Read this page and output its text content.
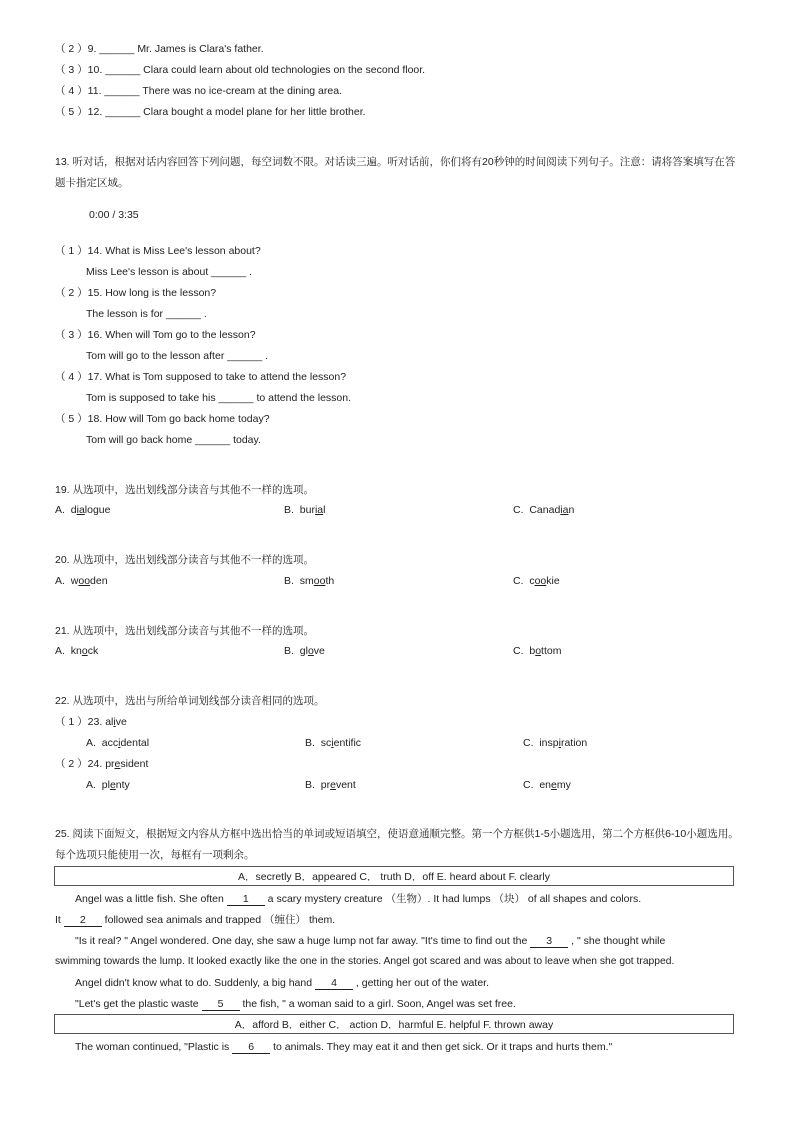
（ 2 ）9. ______ Mr. James is Clara's father.
（ 3 ）10. ______ Clara could learn about old technologies on the second floor.
（ 4 ）11. ______ There was no ice-cream at the dining area.
（ 5 ）12. ______ Clara bought a model plane for her little brother.
13. 听对话，根据对话内容回答下列问题，每空词数不限。对话读三遍。听对话前，你们将有20秒钟的时间阅读下列句子。注意：请将答案填写在答
题卡指定区域。
0:00 / 3:35
（ 1 ）14. What is Miss Lee's lesson about?
Miss Lee's lesson is about ______ .
（ 2 ）15. How long is the lesson?
The lesson is for ______ .
（ 3 ）16. When will Tom go to the lesson?
Tom will go to the lesson after ______ .
（ 4 ）17. What is Tom supposed to take to attend the lesson?
Tom is supposed to take his ______ to attend the lesson.
（ 5 ）18. How will Tom go back home today?
Tom will go back home ______ today.
19. 从选项中，选出划线部分读音与其他不一样的选项。
A. dialogue	B. burial	C. Canadian
20. 从选项中，选出划线部分读音与其他不一样的选项。
A. wooden	B. smooth	C. cookie
21. 从选项中，选出划线部分读音与其他不一样的选项。
A. knock	B. glove	C. bottom
22. 从选项中，选出与所给单词划线部分读音相同的选项。
（ 1 ）23. alive
A. accidental	B. scientific	C. inspiration
（ 2 ）24. president
A. plenty	B. prevent	C. enemy
25. 阅读下面短文，根据短文内容从方框中选出恰当的单词或短语填空，使语意通顺完整。第一个方框供1-5小题选用，第二个方框供6-10小题选用。
每个选项只能使用一次，每框有一项剩余。
A．secretly B．appeared C． truth D．off E. heard about F. clearly
Angel was a little fish. She often 1 a scary mystery creature （生物）. It had lumps （块） of all shapes and colors.
It 2 followed sea animals and trapped （缠住） them.
"Is it real? " Angel wondered. One day, she saw a huge lump not far away. "It's time to find out the 3 , " she thought while
swimming towards the lump. It looked exactly like the one in the stories. Angel got scared and was about to leave when she got trapped.
Angel didn't know what to do. Suddenly, a big hand 4 , getting her out of the water.
"Let's get the plastic waste 5 the fish, " a woman said to a girl. Soon, Angel was set free.
A．afford B．either C． action D．harmful E. helpful F. thrown away
The woman continued, "Plastic is 6 to animals. They may eat it and then get sick. Or it traps and hurts them."
